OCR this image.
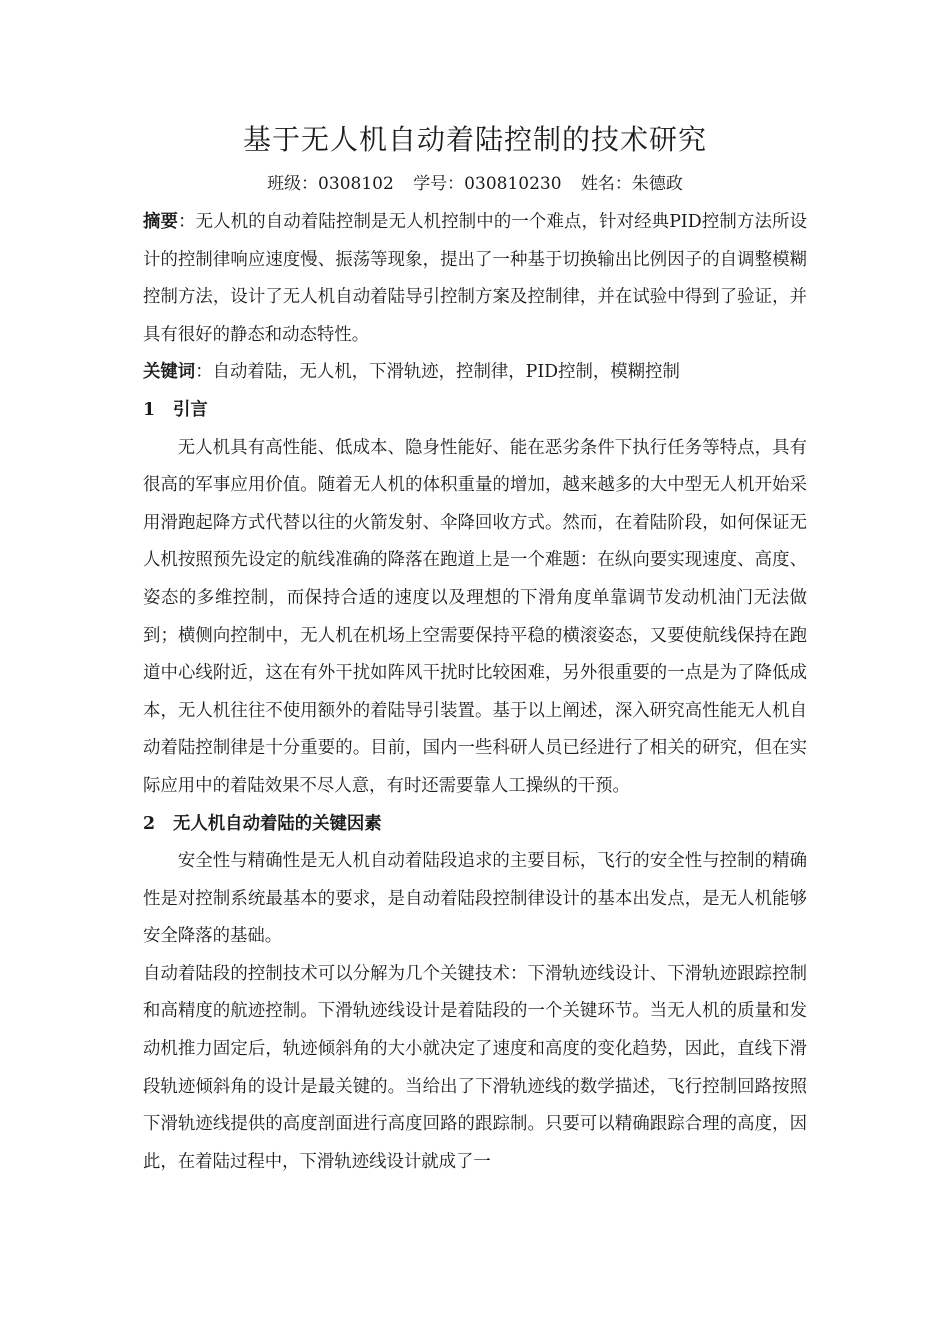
基于无人机自动着陆控制的技术研究
班级：0308102 学号：030810230 姓名：朱德政

摘要：无人机的自动着陆控制是无人机控制中的一个难点，针对经典PID控制方法所设计的控制律响应速度慢、振荡等现象，提出了一种基于切换输出比例因子的自调整模糊控制方法，设计了无人机自动着陆导引控制方案及控制律，并在试验中得到了验证，并具有很好的静态和动态特性。

关键词：自动着陆，无人机，下滑轨迹，控制律，PID控制，模糊控制

1 引言

无人机具有高性能、低成本、隐身性能好、能在恶劣条件下执行任务等特点，具有很高的军事应用价值。随着无人机的体积重量的增加，越来越多的大中型无人机开始采用滑跑起降方式代替以往的火箭发射、伞降回收方式。然而，在着陆阶段，如何保证无人机按照预先设定的航线准确的降落在跑道上是一个难题：在纵向要实现速度、高度、姿态的多维控制，而保持合适的速度以及理想的下滑角度单靠调节发动机油门无法做到；横侧向控制中，无人机在机场上空需要保持平稳的横滚姿态，又要使航线保持在跑道中心线附近，这在有外干扰如阵风干扰时比较困难，另外很重要的一点是为了降低成本，无人机往往不使用额外的着陆导引装置。基于以上阐述，深入研究高性能无人机自动着陆控制律是十分重要的。目前，国内一些科研人员已经进行了相关的研究，但在实际应用中的着陆效果不尽人意，有时还需要靠人工操纵的干预。

2 无人机自动着陆的关键因素

安全性与精确性是无人机自动着陆段追求的主要目标，飞行的安全性与控制的精确性是对控制系统最基本的要求，是自动着陆段控制律设计的基本出发点，是无人机能够安全降落的基础。

自动着陆段的控制技术可以分解为几个关键技术：下滑轨迹线设计、下滑轨迹跟踪控制和高精度的航迹控制。下滑轨迹线设计是着陆段的一个关键环节。当无人机的质量和发动机推力固定后，轨迹倾斜角的大小就决定了速度和高度的变化趋势，因此，直线下滑段轨迹倾斜角的设计是最关键的。当给出了下滑轨迹线的数学描述，飞行控制回路按照下滑轨迹线提供的高度剖面进行高度回路的跟踪制。只要可以精确跟踪合理的高度，因此，在着陆过程中，下滑轨迹线设计就成了一
